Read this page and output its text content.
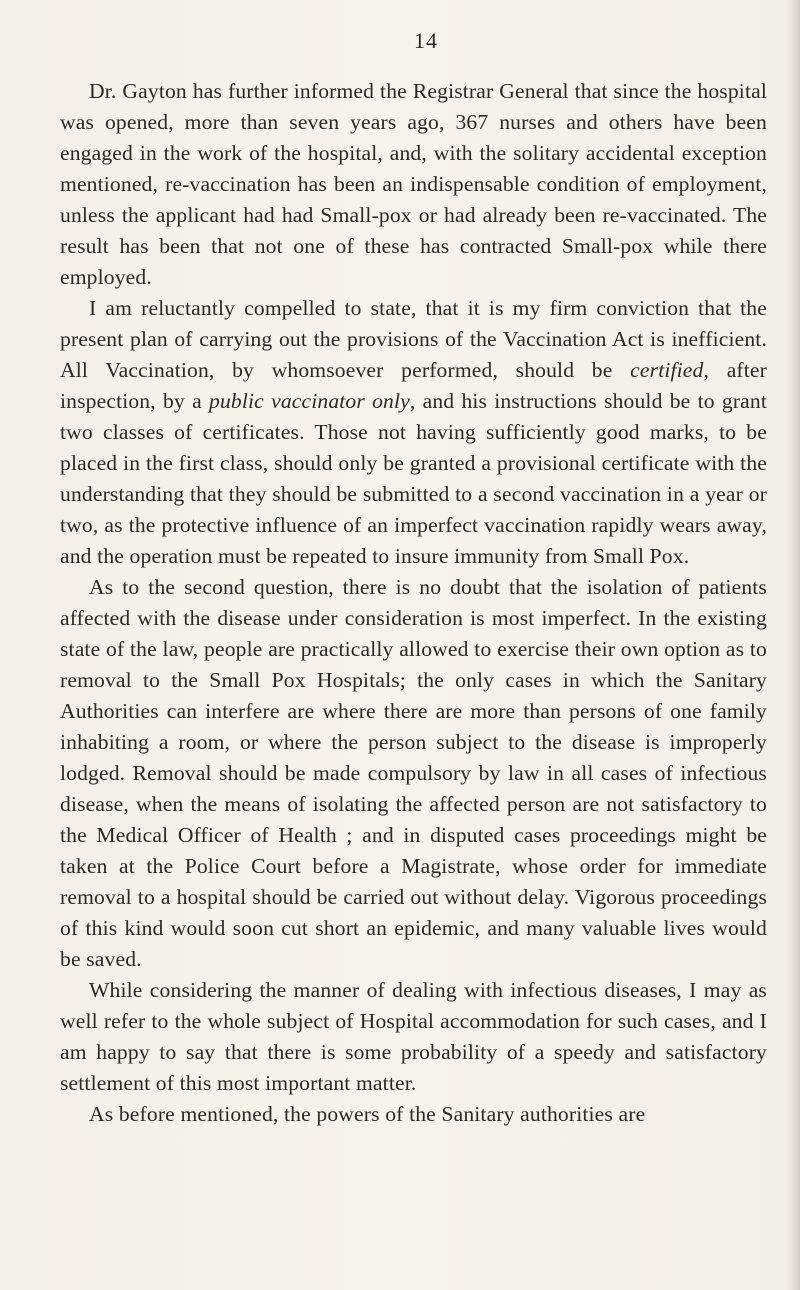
14

Dr. Gayton has further informed the Registrar General that since the hospital was opened, more than seven years ago, 367 nurses and others have been engaged in the work of the hospital, and, with the solitary accidental exception mentioned, re-vaccination has been an indispensable condition of employment, unless the applicant had had Small-pox or had already been re-vaccinated. The result has been that not one of these has contracted Small-pox while there employed.

I am reluctantly compelled to state, that it is my firm conviction that the present plan of carrying out the provisions of the Vaccination Act is inefficient. All Vaccination, by whomsoever performed, should be certified, after inspection, by a public vaccinator only, and his instructions should be to grant two classes of certificates. Those not having sufficiently good marks, to be placed in the first class, should only be granted a provisional certificate with the understanding that they should be submitted to a second vaccination in a year or two, as the protective influence of an imperfect vaccination rapidly wears away, and the operation must be repeated to insure immunity from Small Pox.

As to the second question, there is no doubt that the isolation of patients affected with the disease under consideration is most imperfect. In the existing state of the law, people are practically allowed to exercise their own option as to removal to the Small Pox Hospitals; the only cases in which the Sanitary Authorities can interfere are where there are more than persons of one family inhabiting a room, or where the person subject to the disease is improperly lodged. Removal should be made compulsory by law in all cases of infectious disease, when the means of isolating the affected person are not satisfactory to the Medical Officer of Health ; and in disputed cases proceedings might be taken at the Police Court before a Magistrate, whose order for immediate removal to a hospital should be carried out without delay. Vigorous proceedings of this kind would soon cut short an epidemic, and many valuable lives would be saved.

While considering the manner of dealing with infectious diseases, I may as well refer to the whole subject of Hospital accommodation for such cases, and I am happy to say that there is some probability of a speedy and satisfactory settlement of this most important matter.

As before mentioned, the powers of the Sanitary authorities are
